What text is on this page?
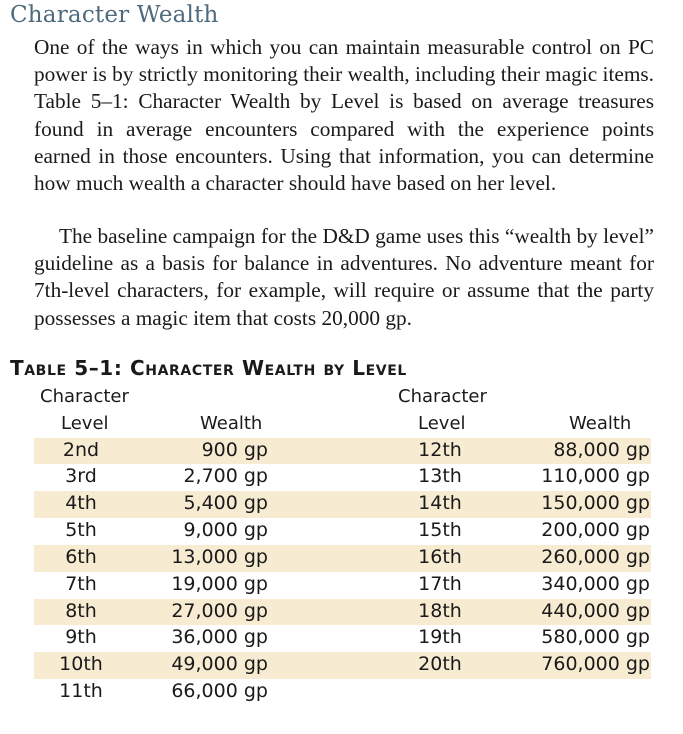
Character Wealth

One of the ways in which you can maintain measurable control on PC power is by strictly monitoring their wealth, including their magic items. Table 5–1: Character Wealth by Level is based on average treasures found in average encounters compared with the experience points earned in those encounters. Using that information, you can determine how much wealth a character should have based on her level.

The baseline campaign for the D&D game uses this “wealth by level” guideline as a basis for balance in adventures. No adventure meant for 7th-level characters, for example, will require or assume that the party possesses a magic item that costs 20,000 gp.

Table 5–1: Character Wealth by Level
Character
Level	Wealth
Character
Level	Wealth
2nd	900 gp	12th	88,000 gp
3rd	2,700 gp	13th	110,000 gp
4th	5,400 gp	14th	150,000 gp
5th	9,000 gp	15th	200,000 gp
6th	13,000 gp	16th	260,000 gp
7th	19,000 gp	17th	340,000 gp
8th	27,000 gp	18th	440,000 gp
9th	36,000 gp	19th	580,000 gp
10th	49,000 gp	20th	760,000 gp
11th	66,000 gp
